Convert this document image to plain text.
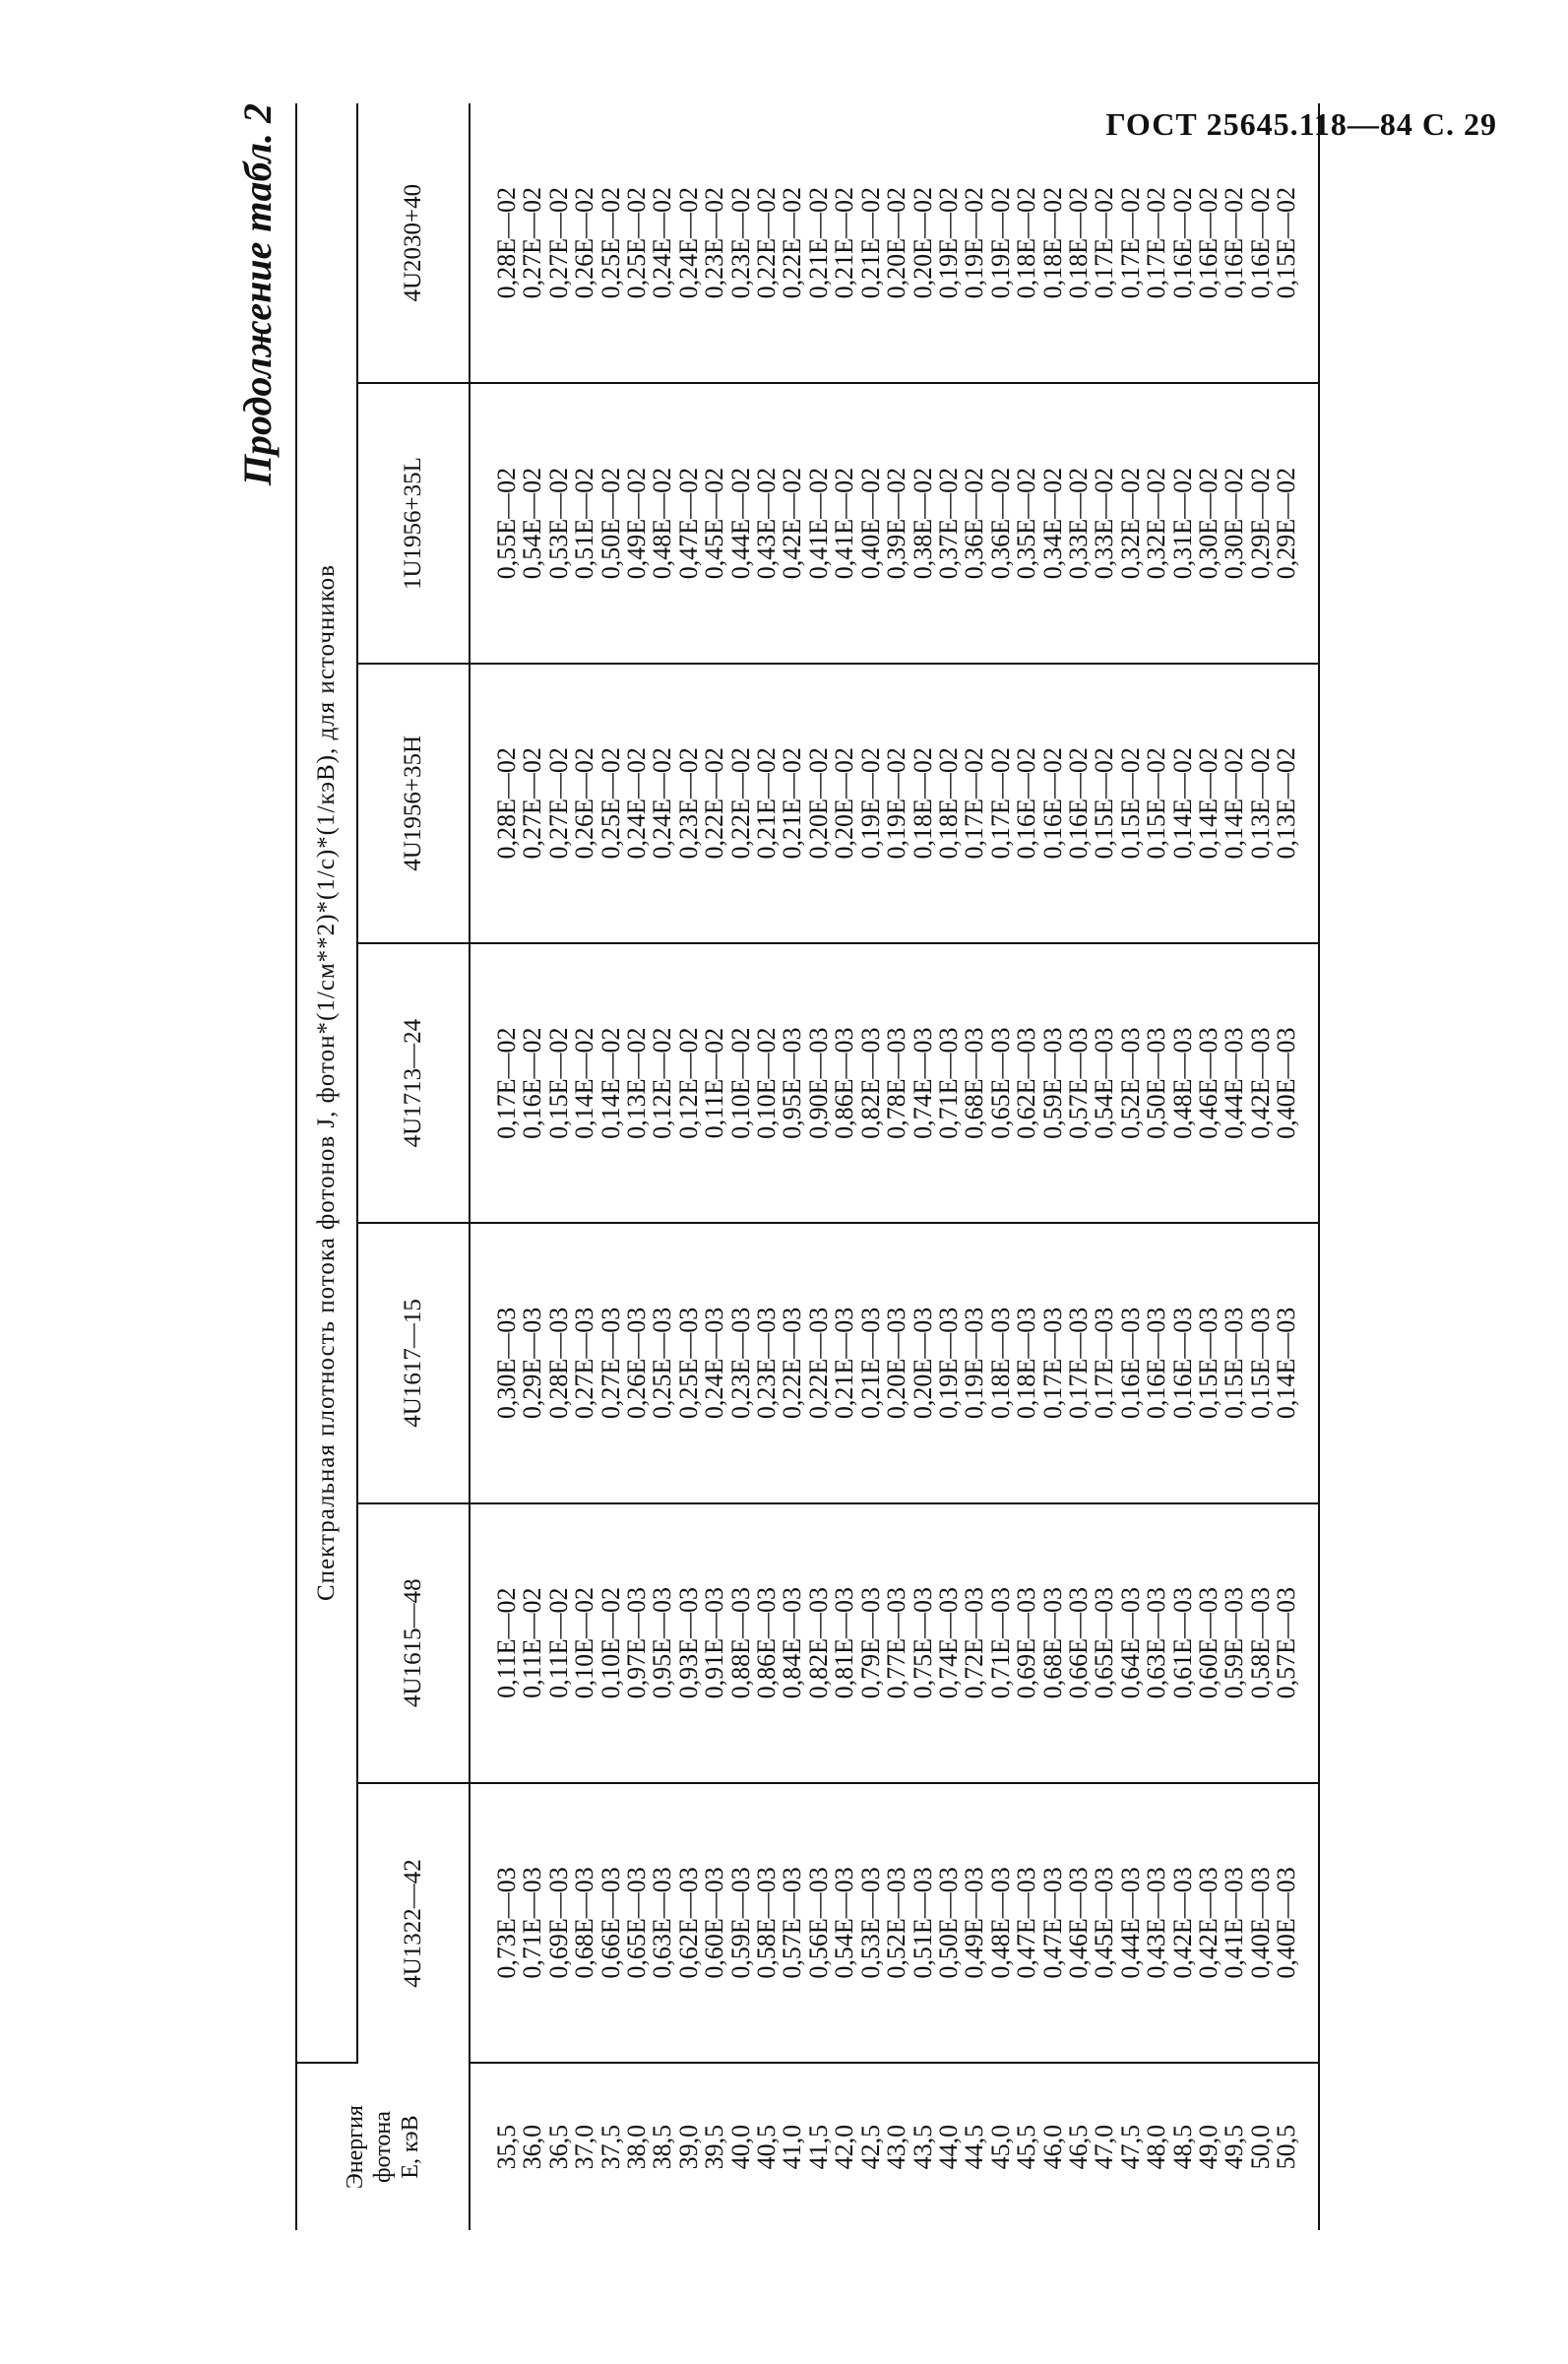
ГОСТ 25645.118—84 С. 29
Продолжение табл. 2
Энергия фотона Е, кэВ	Спектральная плотность потока фотонов J, фотон*(1/см**2)*(1/с)*(1/кэВ), для источников						
	4U1322—42	4U1615—48	4U1617—15	4U1713—24	4U1956+35H	1U1956+35L	4U2030+40
35,5	0,73E—03	0,11E—02	0,30E—03	0,17E—02	0,28E—02	0,55E—02	0,28E—02
36,0	0,71E—03	0,11E—02	0,29E—03	0,16E—02	0,27E—02	0,54E—02	0,27E—02
36,5	0,69E—03	0,11E—02	0,28E—03	0,15E—02	0,27E—02	0,53E—02	0,27E—02
37,0	0,68E—03	0,10E—02	0,27E—03	0,14E—02	0,26E—02	0,51E—02	0,26E—02
37,5	0,66E—03	0,10E—02	0,27E—03	0,14E—02	0,25E—02	0,50E—02	0,25E—02
38,0	0,65E—03	0,97E—03	0,26E—03	0,13E—02	0,24E—02	0,49E—02	0,25E—02
38,5	0,63E—03	0,95E—03	0,25E—03	0,12E—02	0,24E—02	0,48E—02	0,24E—02
39,0	0,62E—03	0,93E—03	0,25E—03	0,12E—02	0,23E—02	0,47E—02	0,24E—02
39,5	0,60E—03	0,91E—03	0,24E—03	0,11E—02	0,22E—02	0,45E—02	0,23E—02
40,0	0,59E—03	0,88E—03	0,23E—03	0,10E—02	0,22E—02	0,44E—02	0,23E—02
40,5	0,58E—03	0,86E—03	0,23E—03	0,10E—02	0,21E—02	0,43E—02	0,22E—02
41,0	0,57E—03	0,84E—03	0,22E—03	0,95E—03	0,21E—02	0,42E—02	0,22E—02
41,5	0,56E—03	0,82E—03	0,22E—03	0,90E—03	0,20E—02	0,41E—02	0,21E—02
42,0	0,54E—03	0,81E—03	0,21E—03	0,86E—03	0,20E—02	0,41E—02	0,21E—02
42,5	0,53E—03	0,79E—03	0,21E—03	0,82E—03	0,19E—02	0,40E—02	0,21E—02
43,0	0,52E—03	0,77E—03	0,20E—03	0,78E—03	0,19E—02	0,39E—02	0,20E—02
43,5	0,51E—03	0,75E—03	0,20E—03	0,74E—03	0,18E—02	0,38E—02	0,20E—02
44,0	0,50E—03	0,74E—03	0,19E—03	0,71E—03	0,18E—02	0,37E—02	0,19E—02
44,5	0,49E—03	0,72E—03	0,19E—03	0,68E—03	0,17E—02	0,36E—02	0,19E—02
45,0	0,48E—03	0,71E—03	0,18E—03	0,65E—03	0,17E—02	0,36E—02	0,19E—02
45,5	0,47E—03	0,69E—03	0,18E—03	0,62E—03	0,16E—02	0,35E—02	0,18E—02
46,0	0,47E—03	0,68E—03	0,17E—03	0,59E—03	0,16E—02	0,34E—02	0,18E—02
46,5	0,46E—03	0,66E—03	0,17E—03	0,57E—03	0,16E—02	0,33E—02	0,18E—02
47,0	0,45E—03	0,65E—03	0,17E—03	0,54E—03	0,15E—02	0,33E—02	0,17E—02
47,5	0,44E—03	0,64E—03	0,16E—03	0,52E—03	0,15E—02	0,32E—02	0,17E—02
48,0	0,43E—03	0,63E—03	0,16E—03	0,50E—03	0,15E—02	0,32E—02	0,17E—02
48,5	0,42E—03	0,61E—03	0,16E—03	0,48E—03	0,14E—02	0,31E—02	0,16E—02
49,0	0,42E—03	0,60E—03	0,15E—03	0,46E—03	0,14E—02	0,30E—02	0,16E—02
49,5	0,41E—03	0,59E—03	0,15E—03	0,44E—03	0,14E—02	0,30E—02	0,16E—02
50,0	0,40E—03	0,58E—03	0,15E—03	0,42E—03	0,13E—02	0,29E—02	0,16E—02
50,5	0,40E—03	0,57E—03	0,14E—03	0,40E—03	0,13E—02	0,29E—02	0,15E—02
